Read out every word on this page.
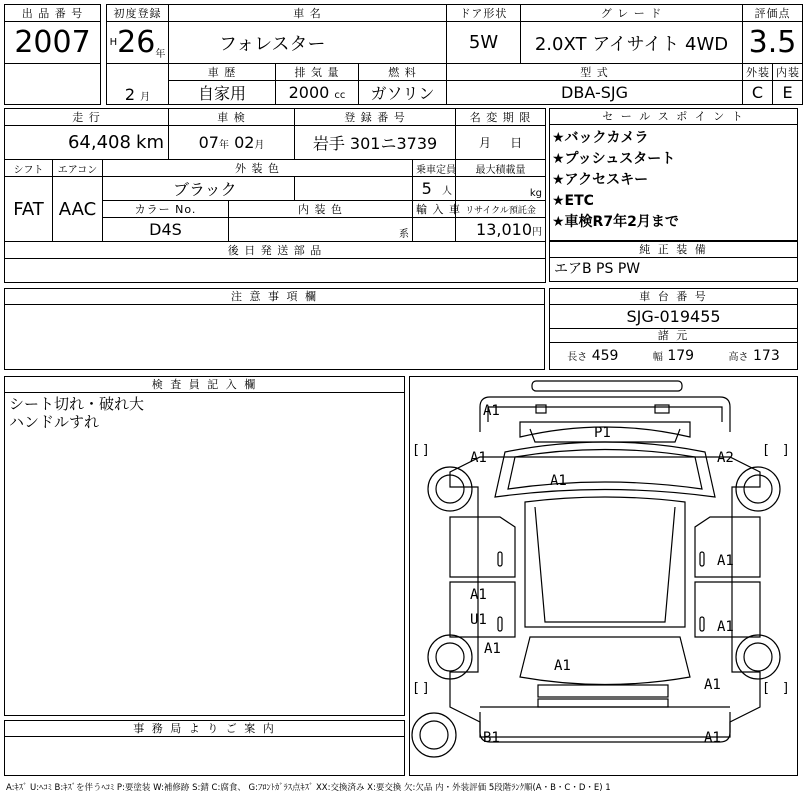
出 品 番 号		初度登録	車 名			ドア形状	グ レ ー ド	評価点	
2007		H 26 年	フォレスター			5W	2.0XT アイサイト 4WD	3.5	
		2 月	車 歴	排 気 量	燃 料	型 式		外装	内装
			自家用	2000 cc	ガソリン	DBA-SJG		C	E
走 行			車 検		登 録 番 号		名 変 期 限
64,408 km			07年 02月		岩手 301ニ3739		月 日
シフト	エアコン	外 装 色				乗車定員	最大積載量
FAT	AAC	ブラック				5 人	kg
		カラー No.		内 装 色		輸 入 車	リサイクル預託金
		D4S		系			13,010円
後 日 発 送 部 品							

セ ー ル ス ポ イ ン ト
★バックカメラ
★プッシュスタート
★アクセスキー
★ETC
★車検R7年2月まで
純 正 装 備
エアB PS PW
注 意 事 項 欄	車 台 番 号
SJG-019455
諸 元
長さ 459	幅 179	高さ 173
検 査 員 記 入 欄
シート切れ・破れ大
ハンドルすれ
事 務 局 よ り ご 案 内
[ ]	[ ]
[ ]	[ ]
A1
P1
A1	A2
A1
A1
A1
U1	A1
A1
A1
A1
B1	A1
A:ｷｽﾞ U:ﾍｺﾐ B:ｷｽﾞを伴うﾍｺﾐ P:要塗装 W:補修跡 S:錆 C:腐食、 G:ﾌﾛﾝﾄｶﾞﾗｽ点ｷｽﾞ XX:交換済み X:要交換 欠:欠品 内・外装評価 5段階ﾗﾝｸ順(A・B・C・D・E) 1
